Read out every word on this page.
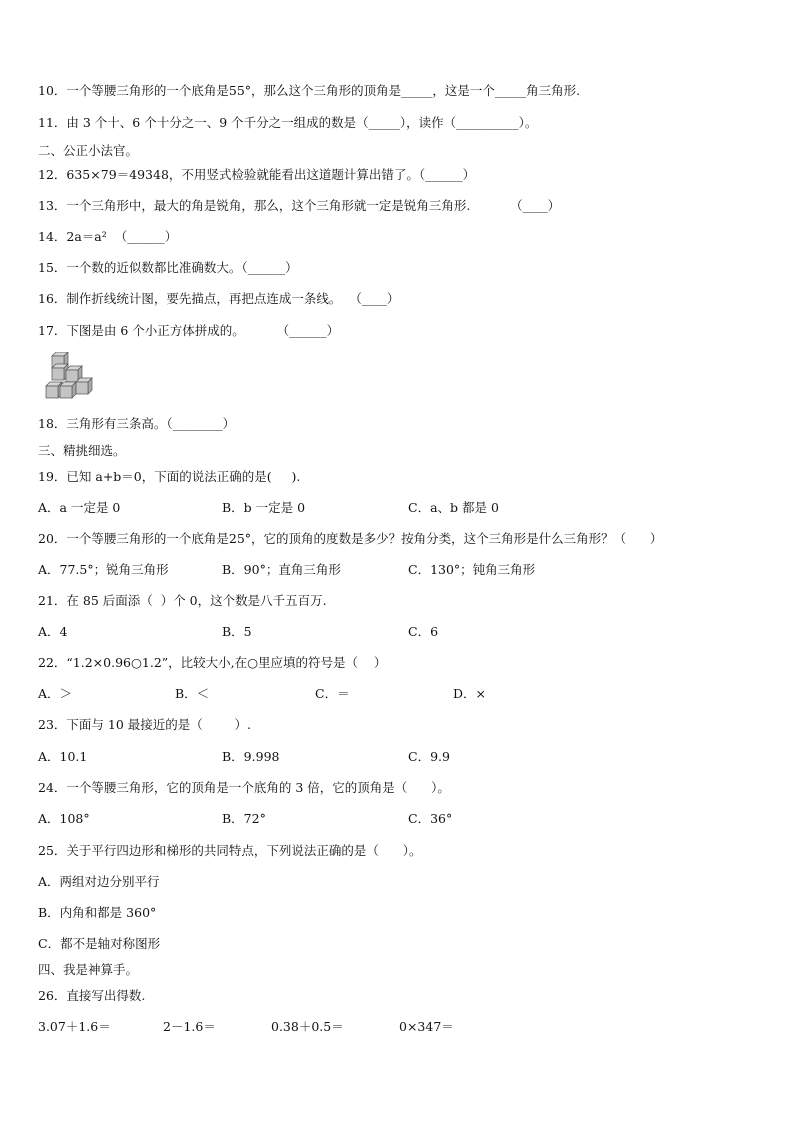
10．一个等腰三角形的一个底角是55°，那么这个三角形的顶角是_____，这是一个_____角三角形.
11．由 3 个十、6 个十分之一、9 个千分之一组成的数是（_____），读作（__________）。
二、公正小法官。
12．635×79＝49348，不用竖式检验就能看出这道题计算出错了。（______）
13．一个三角形中，最大的角是锐角，那么，这个三角形就一定是锐角三角形.          （____）
14．2a＝a²  （______）
15．一个数的近似数都比准确数大。（______）
16．制作折线统计图，要先描点，再把点连成一条线。  （____）
17．下图是由 6 个小正方体拼成的。        （______）
18．三角形有三条高。（________）
三、精挑细选。
19．已知 a+b＝0，下面的说法正确的是(     ).
A．a 一定是 0	B．b 一定是 0	C．a、b 都是 0
20．一个等腰三角形的一个底角是25°，它的顶角的度数是多少？按角分类，这个三角形是什么三角形？（      ）
A．77.5°；锐角三角形	B．90°；直角三角形	C．130°；钝角三角形
21．在 85 后面添（  ）个 0，这个数是八千五百万.
A．4	B．5	C．6
22．“1.2×0.96○1.2”，比较大小,在○里应填的符号是（    ）
A．＞	B．＜	C．＝	D．×
23．下面与 10 最接近的是（        ）.
A．10.1	B．9.998	C．9.9
24．一个等腰三角形，它的顶角是一个底角的 3 倍，它的顶角是（      ）。
A．108°	B．72°	C．36°
25．关于平行四边形和梯形的共同特点，下列说法正确的是（      ）。
A．两组对边分别平行
B．内角和都是 360°
C．都不是轴对称图形
四、我是神算手。
26．直接写出得数.
3.07＋1.6＝	2－1.6＝	0.38＋0.5＝	0×347＝
